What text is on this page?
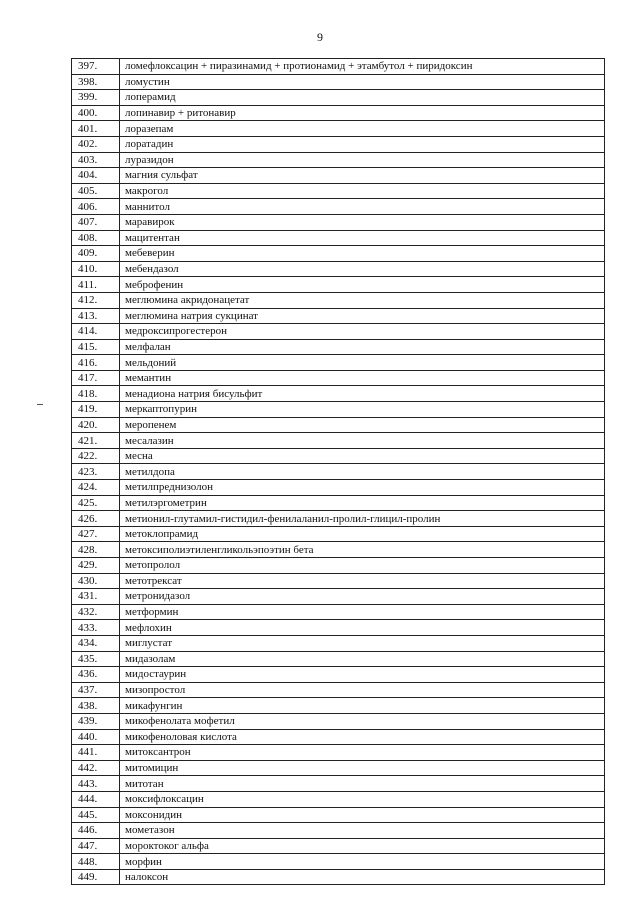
9
397.	ломефлоксацин + пиразинамид + протионамид + этамбутол + пиридоксин
398.	ломустин
399.	лоперамид
400.	лопинавир + ритонавир
401.	лоразепам
402.	лоратадин
403.	луразидон
404.	магния сульфат
405.	макрогол
406.	маннитол
407.	маравирок
408.	мацитентан
409.	мебеверин
410.	мебендазол
411.	меброфенин
412.	меглюмина акридонацетат
413.	меглюмина натрия сукцинат
414.	медроксипрогестерон
415.	мелфалан
416.	мельдоний
417.	мемантин
418.	менадиона натрия бисульфит
419.	меркаптопурин
420.	меропенем
421.	месалазин
422.	месна
423.	метилдопа
424.	метилпреднизолон
425.	метилэргометрин
426.	метионил-глутамил-гистидил-фенилаланил-пролил-глицил-пролин
427.	метоклопрамид
428.	метоксиполиэтиленгликольэпоэтин бета
429.	метопролол
430.	метотрексат
431.	метронидазол
432.	метформин
433.	мефлохин
434.	миглустат
435.	мидазолам
436.	мидостаурин
437.	мизопростол
438.	микафунгин
439.	микофенолата мофетил
440.	микофеноловая кислота
441.	митоксантрон
442.	митомицин
443.	митотан
444.	моксифлоксацин
445.	моксонидин
446.	мометазон
447.	мороктоког альфа
448.	морфин
449.	налоксон
